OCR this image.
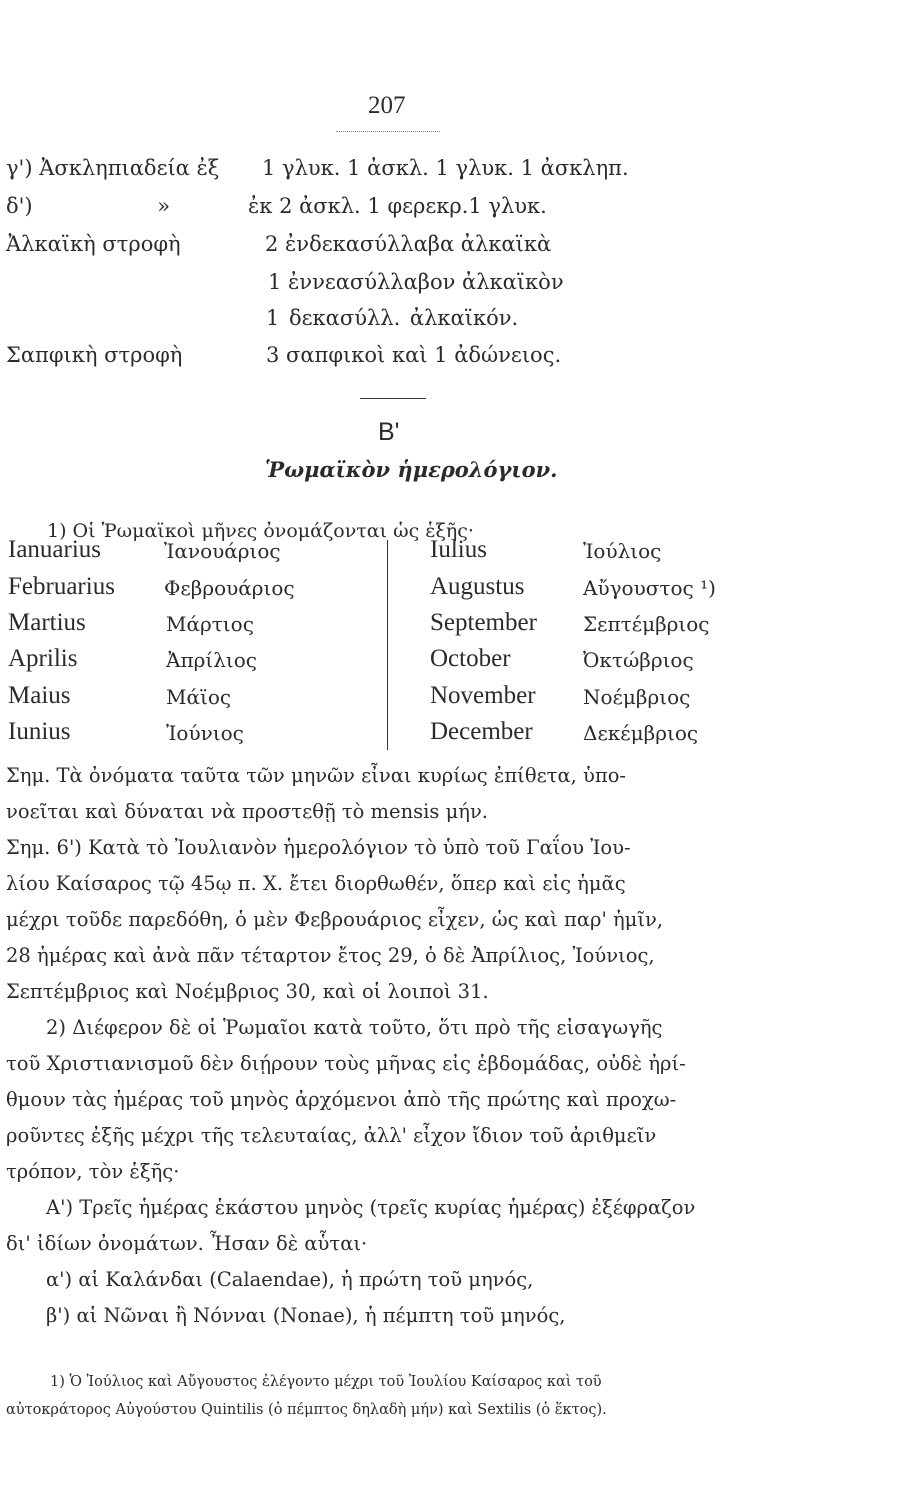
207
γ') Ἀσκληπιαδεία ἐξ 1 γλυκ. 1 ἀσκλ. 1 γλυκ. 1 ἀσκληπ.
δ') »	ἐκ 2 ἀσκλ. 1 φερεκρ.1 γλυκ.
Ἀλκαϊκὴ στροφὴ	2 ἐνδεκασύλλαβα ἀλκαϊκὰ
1 ἐννεασύλλαβον ἀλκαϊκὸν
1 δεκασύλλ. ἀλκαϊκόν.
Σαπφικὴ στροφὴ	3 σαπφικοὶ καὶ 1 ἀδώνειος.
Β'
Ῥωμαϊκὸν ἡμερολόγιον.
1) Οἱ Ῥωμαϊκοὶ μῆνες ὀνομάζονται ὡς ἑξῆς·
Ianuarius	Ἰανουάριος
Februarius Φεβρουάριος
Martius	Μάρτιος
Aprilis	Ἀπρίλιος
Maius	Μάϊος
Iunius	Ἰούνιος
Iulius	Ἰούλιος
Augustus	Αὔγουστος ¹)
September Σεπτέμβριος
October	Ὀκτώβριος
November Νοέμβριος
December	Δεκέμβριος
Σημ. Τὰ ὀνόματα ταῦτα τῶν μηνῶν εἶναι κυρίως ἐπίθετα, ὑπο-
νοεῖται καὶ δύναται νὰ προστεθῇ τὸ mensis μήν.
Σημ. 6') Κατὰ τὸ Ἰουλιανὸν ἡμερολόγιον τὸ ὑπὸ τοῦ Γαΐου Ἰου-
λίου Καίσαρος τῷ 45ῳ π. Χ. ἔτει διορθωθέν, ὅπερ καὶ εἰς ἡμᾶς
μέχρι τοῦδε παρεδόθη, ὁ μὲν Φεβρουάριος εἶχεν, ὡς καὶ παρ' ἡμῖν,
28 ἡμέρας καὶ ἀνὰ πᾶν τέταρτον ἔτος 29, ὁ δὲ Ἀπρίλιος, Ἰούνιος,
Σεπτέμβριος καὶ Νοέμβριος 30, καὶ οἱ λοιποὶ 31.
2) Διέφερον δὲ οἱ Ῥωμαῖοι κατὰ τοῦτο, ὅτι πρὸ τῆς εἰσαγωγῆς
τοῦ Χριστιανισμοῦ δὲν διῄρουν τοὺς μῆνας εἰς ἑβδομάδας, οὐδὲ ἠρί-
θμουν τὰς ἡμέρας τοῦ μηνὸς ἀρχόμενοι ἀπὸ τῆς πρώτης καὶ προχω-
ροῦντες ἐξῆς μέχρι τῆς τελευταίας, ἀλλ' εἶχον ἴδιον τοῦ ἀριθμεῖν
τρόπον, τὸν ἑξῆς·
Α') Τρεῖς ἡμέρας ἑκάστου μηνὸς (τρεῖς κυρίας ἡμέρας) ἐξέφραζον
δι' ἰδίων ὀνομάτων. Ἦσαν δὲ αὗται·
α') αἱ Καλάνδαι (Calaendae), ἡ πρώτη τοῦ μηνός,
β') αἱ Νῶναι ἢ Νόνναι (Nonae), ἡ πέμπτη τοῦ μηνός,
1) Ὁ Ἰούλιος καὶ Αὔγουστος ἐλέγοντο μέχρι τοῦ Ἰουλίου Καίσαρος καὶ τοῦ
αὐτοκράτορος Αὐγούστου Quintilis (ὁ πέμπτος δηλαδὴ μήν) καὶ Sextilis (ὁ ἕκτος).
